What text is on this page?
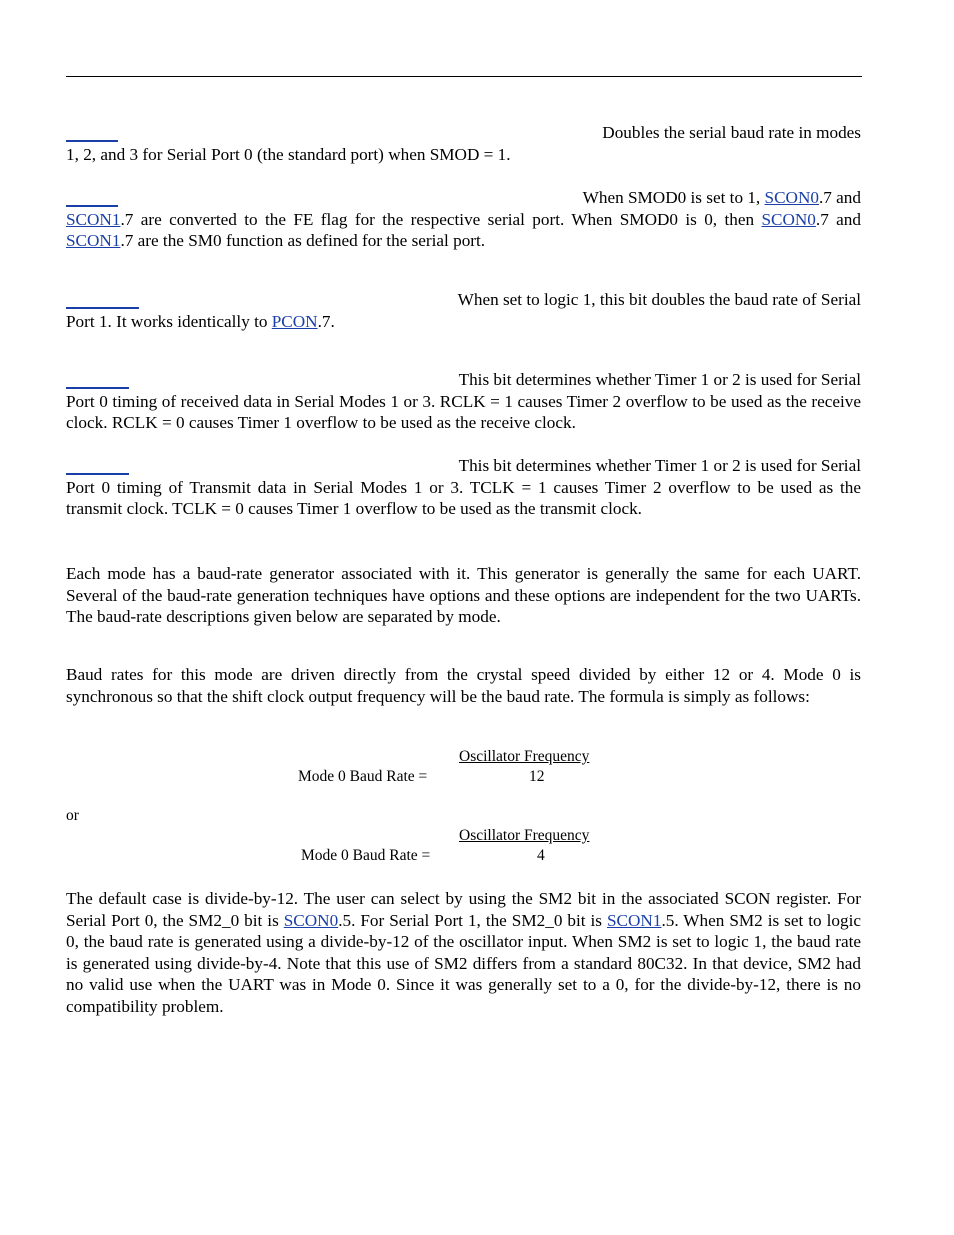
Doubles the serial baud rate in modes
1, 2, and 3 for Serial Port 0 (the standard port) when SMOD = 1.
When SMOD0 is set to 1, SCON0.7 and
SCON1.7 are converted to the FE flag for the respective serial port. When SMOD0 is 0, then SCON0.7 and SCON1.7 are the SM0 function as defined for the serial port.
When set to logic 1, this bit doubles the baud rate of Serial
Port 1. It works identically to PCON.7.
This bit determines whether Timer 1 or 2 is used for Serial
Port 0 timing of received data in Serial Modes 1 or 3. RCLK = 1 causes Timer 2 overflow to be used as the receive clock. RCLK = 0 causes Timer 1 overflow to be used as the receive clock.
This bit determines whether Timer 1 or 2 is used for Serial
Port 0 timing of Transmit data in Serial Modes 1 or 3. TCLK = 1 causes Timer 2 overflow to be used as the transmit clock. TCLK = 0 causes Timer 1 overflow to be used as the transmit clock.
Each mode has a baud-rate generator associated with it. This generator is generally the same for each UART. Several of the baud-rate generation techniques have options and these options are independent for the two UARTs. The baud-rate descriptions given below are separated by mode.
Baud rates for this mode are driven directly from the crystal speed divided by either 12 or 4. Mode 0 is synchronous so that the shift clock output frequency will be the baud rate. The formula is simply as follows:
Oscillator Frequency
Mode 0 Baud Rate =	12
or
Oscillator Frequency
Mode 0 Baud Rate =	4
The default case is divide-by-12. The user can select by using the SM2 bit in the associated SCON register. For Serial Port 0, the SM2_0 bit is SCON0.5. For Serial Port 1, the SM2_0 bit is SCON1.5. When SM2 is set to logic 0, the baud rate is generated using a divide-by-12 of the oscillator input. When SM2 is set to logic 1, the baud rate is generated using divide-by-4. Note that this use of SM2 differs from a standard 80C32. In that device, SM2 had no valid use when the UART was in Mode 0. Since it was generally set to a 0, for the divide-by-12, there is no compatibility problem.
